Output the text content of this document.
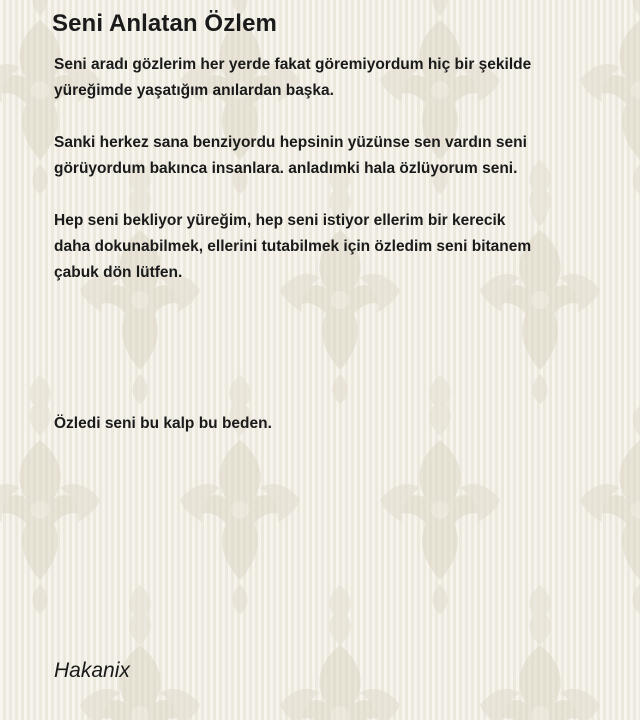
Seni Anlatan Özlem

Seni aradı gözlerim her yerde fakat göremiyordum hiç bir şekilde
yüreğimde yaşatığım anılardan başka.

Sanki herkez sana benziyordu hepsinin yüzünse sen vardın seni
görüyordum bakınca insanlara. anladımki hala özlüyorum seni.

Hep seni bekliyor yüreğim, hep seni istiyor ellerim bir kerecik
daha dokunabilmek, ellerini tutabilmek için özledim seni bitanem
çabuk dön lütfen.

Özledi seni bu kalp bu beden.

Hakanix
